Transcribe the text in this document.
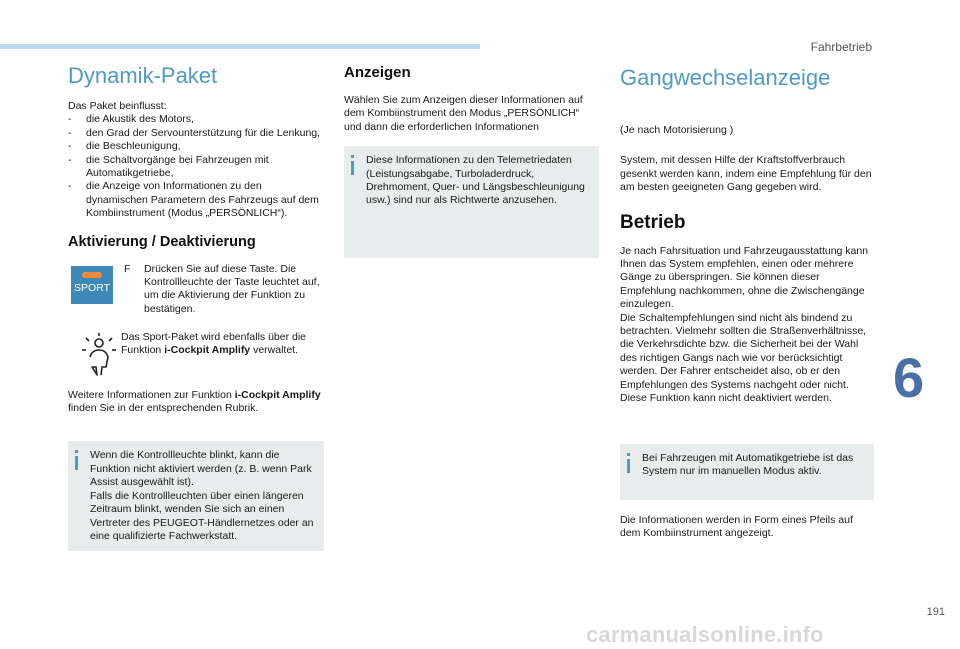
Fahrbetrieb
6
191
carmanualsonline.info
Dynamik-Paket

Das Paket beinflusst:

- die Akustik des Motors,
- den Grad der Servounterstützung für die Lenkung,
- die Beschleunigung,
- die Schaltvorgänge bei Fahrzeugen mit Automatikgetriebe,
- die Anzeige von Informationen zu den dynamischen Parametern des Fahrzeugs auf dem Kombiinstrument (Modus „PERSÖNLICH“).
Aktivierung / Deaktivierung
SPORT
F Drücken Sie auf diese Taste. Die Kontrollleuchte der Taste leuchtet auf, um die Aktivierung der Funktion zu bestätigen.

Das Sport-Paket wird ebenfalls über die Funktion i-Cockpit Amplify verwaltet.

Weitere Informationen zur Funktion i-Cockpit Amplify finden Sie in der entsprechenden Rubrik.

Wenn die Kontrollleuchte blinkt, kann die Funktion nicht aktiviert werden (z. B. wenn Park Assist ausgewählt ist).

Falls die Kontrollleuchten über einen längeren Zeitraum blinkt, wenden Sie sich an einen Vertreter des PEUGEOT-Händlernetzes oder an eine qualifizierte Fachwerkstatt.

Anzeigen

Wählen Sie zum Anzeigen dieser Informationen auf dem Kombiinstrument den Modus „PERSÖNLICH“ und dann die erforderlichen Informationen

Diese Informationen zu den Telemetriedaten (Leistungsabgabe, Turboladerdruck, Drehmoment, Quer- und Längsbeschleunigung usw.) sind nur als Richtwerte anzusehen.

Gangwechselanzeige

(Je nach Motorisierung )

System, mit dessen Hilfe der Kraftstoffverbrauch gesenkt werden kann, indem eine Empfehlung für den am besten geeigneten Gang gegeben wird.

Betrieb

Je nach Fahrsituation und Fahrzeugausstattung kann Ihnen das System empfehlen, einen oder mehrere Gänge zu überspringen. Sie können dieser Empfehlung nachkommen, ohne die Zwischengänge einzulegen.

Die Schaltempfehlungen sind nicht als bindend zu betrachten. Vielmehr sollten die Straßenverhältnisse, die Verkehrsdichte bzw. die Sicherheit bei der Wahl des richtigen Gangs nach wie vor berücksichtigt werden. Der Fahrer entscheidet also, ob er den Empfehlungen des Systems nachgeht oder nicht.

Diese Funktion kann nicht deaktiviert werden.

Bei Fahrzeugen mit Automatikgetriebe ist das System nur im manuellen Modus aktiv.

Die Informationen werden in Form eines Pfeils auf dem Kombiinstrument angezeigt.
